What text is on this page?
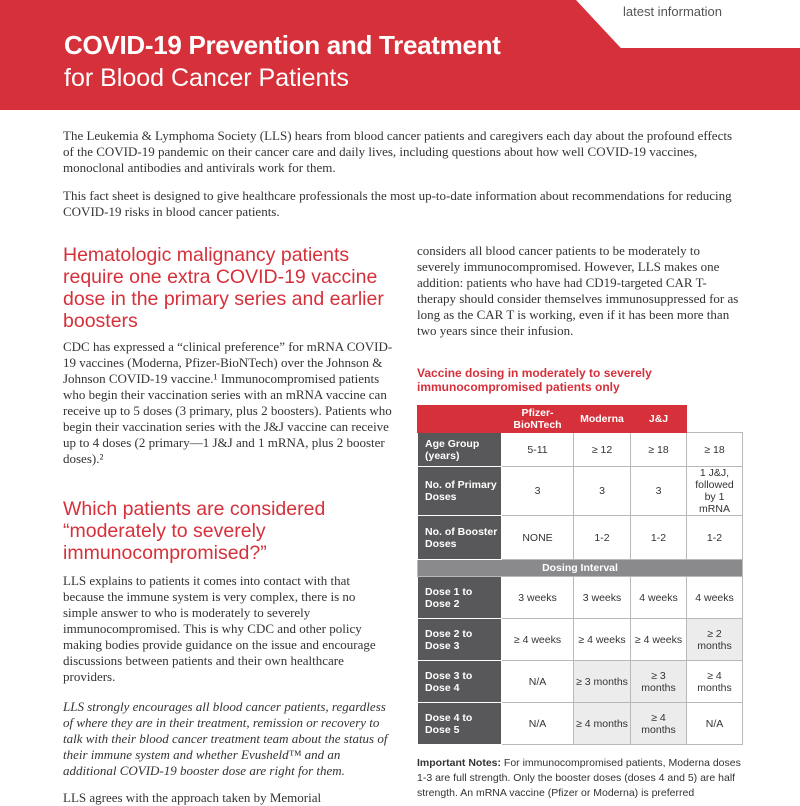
latest information
COVID-19 Prevention and Treatment
for Blood Cancer Patients

The Leukemia & Lymphoma Society (LLS) hears from blood cancer patients and caregivers each day about the profound effects of the COVID-19 pandemic on their cancer care and daily lives, including questions about how well COVID-19 vaccines, monoclonal antibodies and antivirals work for them.

This fact sheet is designed to give healthcare professionals the most up-to-date information about recommendations for reducing COVID-19 risks in blood cancer patients.

Hematologic malignancy patients require one extra COVID-19 vaccine dose in the primary series and earlier boosters

CDC has expressed a “clinical preference” for mRNA COVID-19 vaccines (Moderna, Pfizer-BioNTech) over the Johnson & Johnson COVID-19 vaccine.¹ Immunocompromised patients who begin their vaccination series with an mRNA vaccine can receive up to 5 doses (3 primary, plus 2 boosters). Patients who begin their vaccination series with the J&J vaccine can receive up to 4 doses (2 primary—1 J&J and 1 mRNA, plus 2 booster doses).²

Which patients are considered “moderately to severely immunocompromised?”

LLS explains to patients it comes into contact with that because the immune system is very complex, there is no simple answer to who is moderately to severely immunocompromised. This is why CDC and other policy making bodies provide guidance on the issue and encourage discussions between patients and their own healthcare providers.

LLS strongly encourages all blood cancer patients, regardless of where they are in their treatment, remission or recovery to talk with their blood cancer treatment team about the status of their immune system and whether Evusheld™ and an additional COVID-19 booster dose are right for them.

LLS agrees with the approach taken by Memorial

considers all blood cancer patients to be moderately to severely immunocompromised. However, LLS makes one addition: patients who have had CD19-targeted CAR T-therapy should consider themselves immunosuppressed for as long as the CAR T is working, even if it has been more than two years since their infusion.

Vaccine dosing in moderately to severely immunocompromised patients only
	Pfizer-BioNTech	Moderna	J&J	
Age Group (years)	5-11	≥ 12	≥ 18	≥ 18
No. of Primary Doses	3	3	3	1 J&J, followed by 1 mRNA
No. of Booster Doses	NONE	1-2	1-2	1-2
Dosing Interval				
Dose 1 to Dose 2	3 weeks	3 weeks	4 weeks	4 weeks
Dose 2 to Dose 3	≥ 4 weeks	≥ 4 weeks	≥ 4 weeks	≥ 2 months
Dose 3 to Dose 4	N/A	≥ 3 months	≥ 3 months	≥ 4 months
Dose 4 to Dose 5	N/A	≥ 4 months	≥ 4 months	N/A
Important Notes: For immunocompromised patients, Moderna doses 1-3 are full strength. Only the booster doses (doses 4 and 5) are half strength. An mRNA vaccine (Pfizer or Moderna) is preferred
